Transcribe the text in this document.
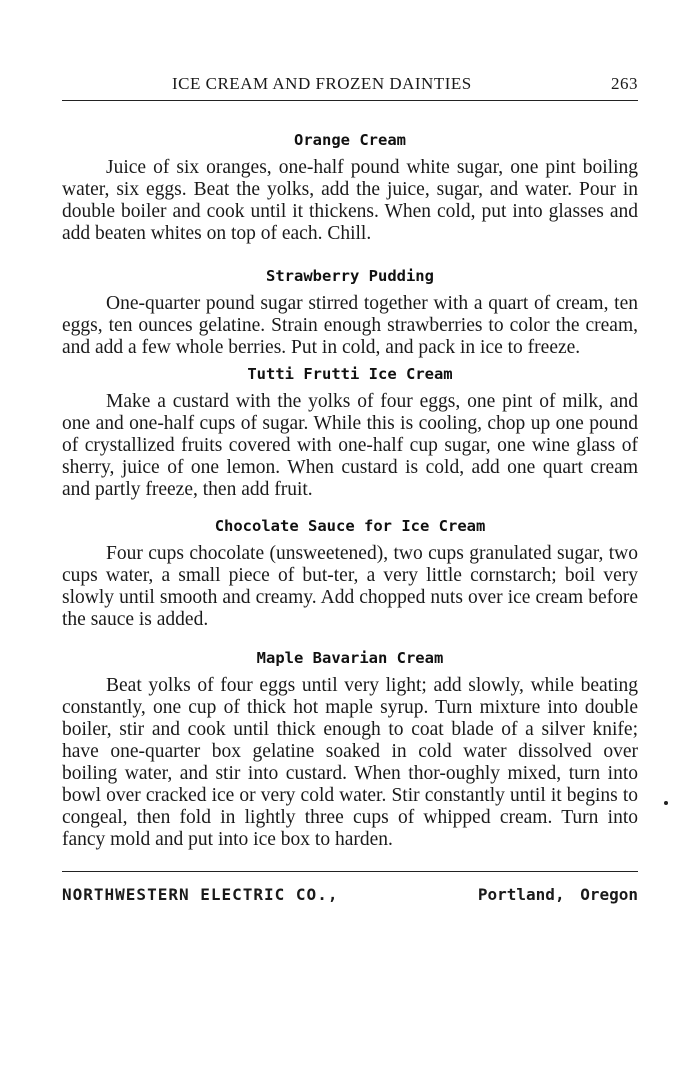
ICE CREAM AND FROZEN DAINTIES	263
Orange Cream

Juice of six oranges, one-half pound white sugar, one pint boiling water, six eggs. Beat the yolks, add the juice, sugar, and water. Pour in double boiler and cook until it thickens. When cold, put into glasses and add beaten whites on top of each. Chill.

Strawberry Pudding

One-quarter pound sugar stirred together with a quart of cream, ten eggs, ten ounces gelatine. Strain enough strawberries to color the cream, and add a few whole berries. Put in cold, and pack in ice to freeze.

Tutti Frutti Ice Cream

Make a custard with the yolks of four eggs, one pint of milk, and one and one-half cups of sugar. While this is cooling, chop up one pound of crystallized fruits covered with one-half cup sugar, one wine glass of sherry, juice of one lemon. When custard is cold, add one quart cream and partly freeze, then add fruit.

Chocolate Sauce for Ice Cream

Four cups chocolate (unsweetened), two cups granulated sugar, two cups water, a small piece of but-ter, a very little cornstarch; boil very slowly until smooth and creamy. Add chopped nuts over ice cream before the sauce is added.

Maple Bavarian Cream

Beat yolks of four eggs until very light; add slowly, while beating constantly, one cup of thick hot maple syrup. Turn mixture into double boiler, stir and cook until thick enough to coat blade of a silver knife; have one-quarter box gelatine soaked in cold water dissolved over boiling water, and stir into custard. When thor-oughly mixed, turn into bowl over cracked ice or very cold water. Stir constantly until it begins to congeal, then fold in lightly three cups of whipped cream. Turn into fancy mold and put into ice box to harden.

NORTHWESTERN ELECTRIC CO.,	Portland, Oregon
